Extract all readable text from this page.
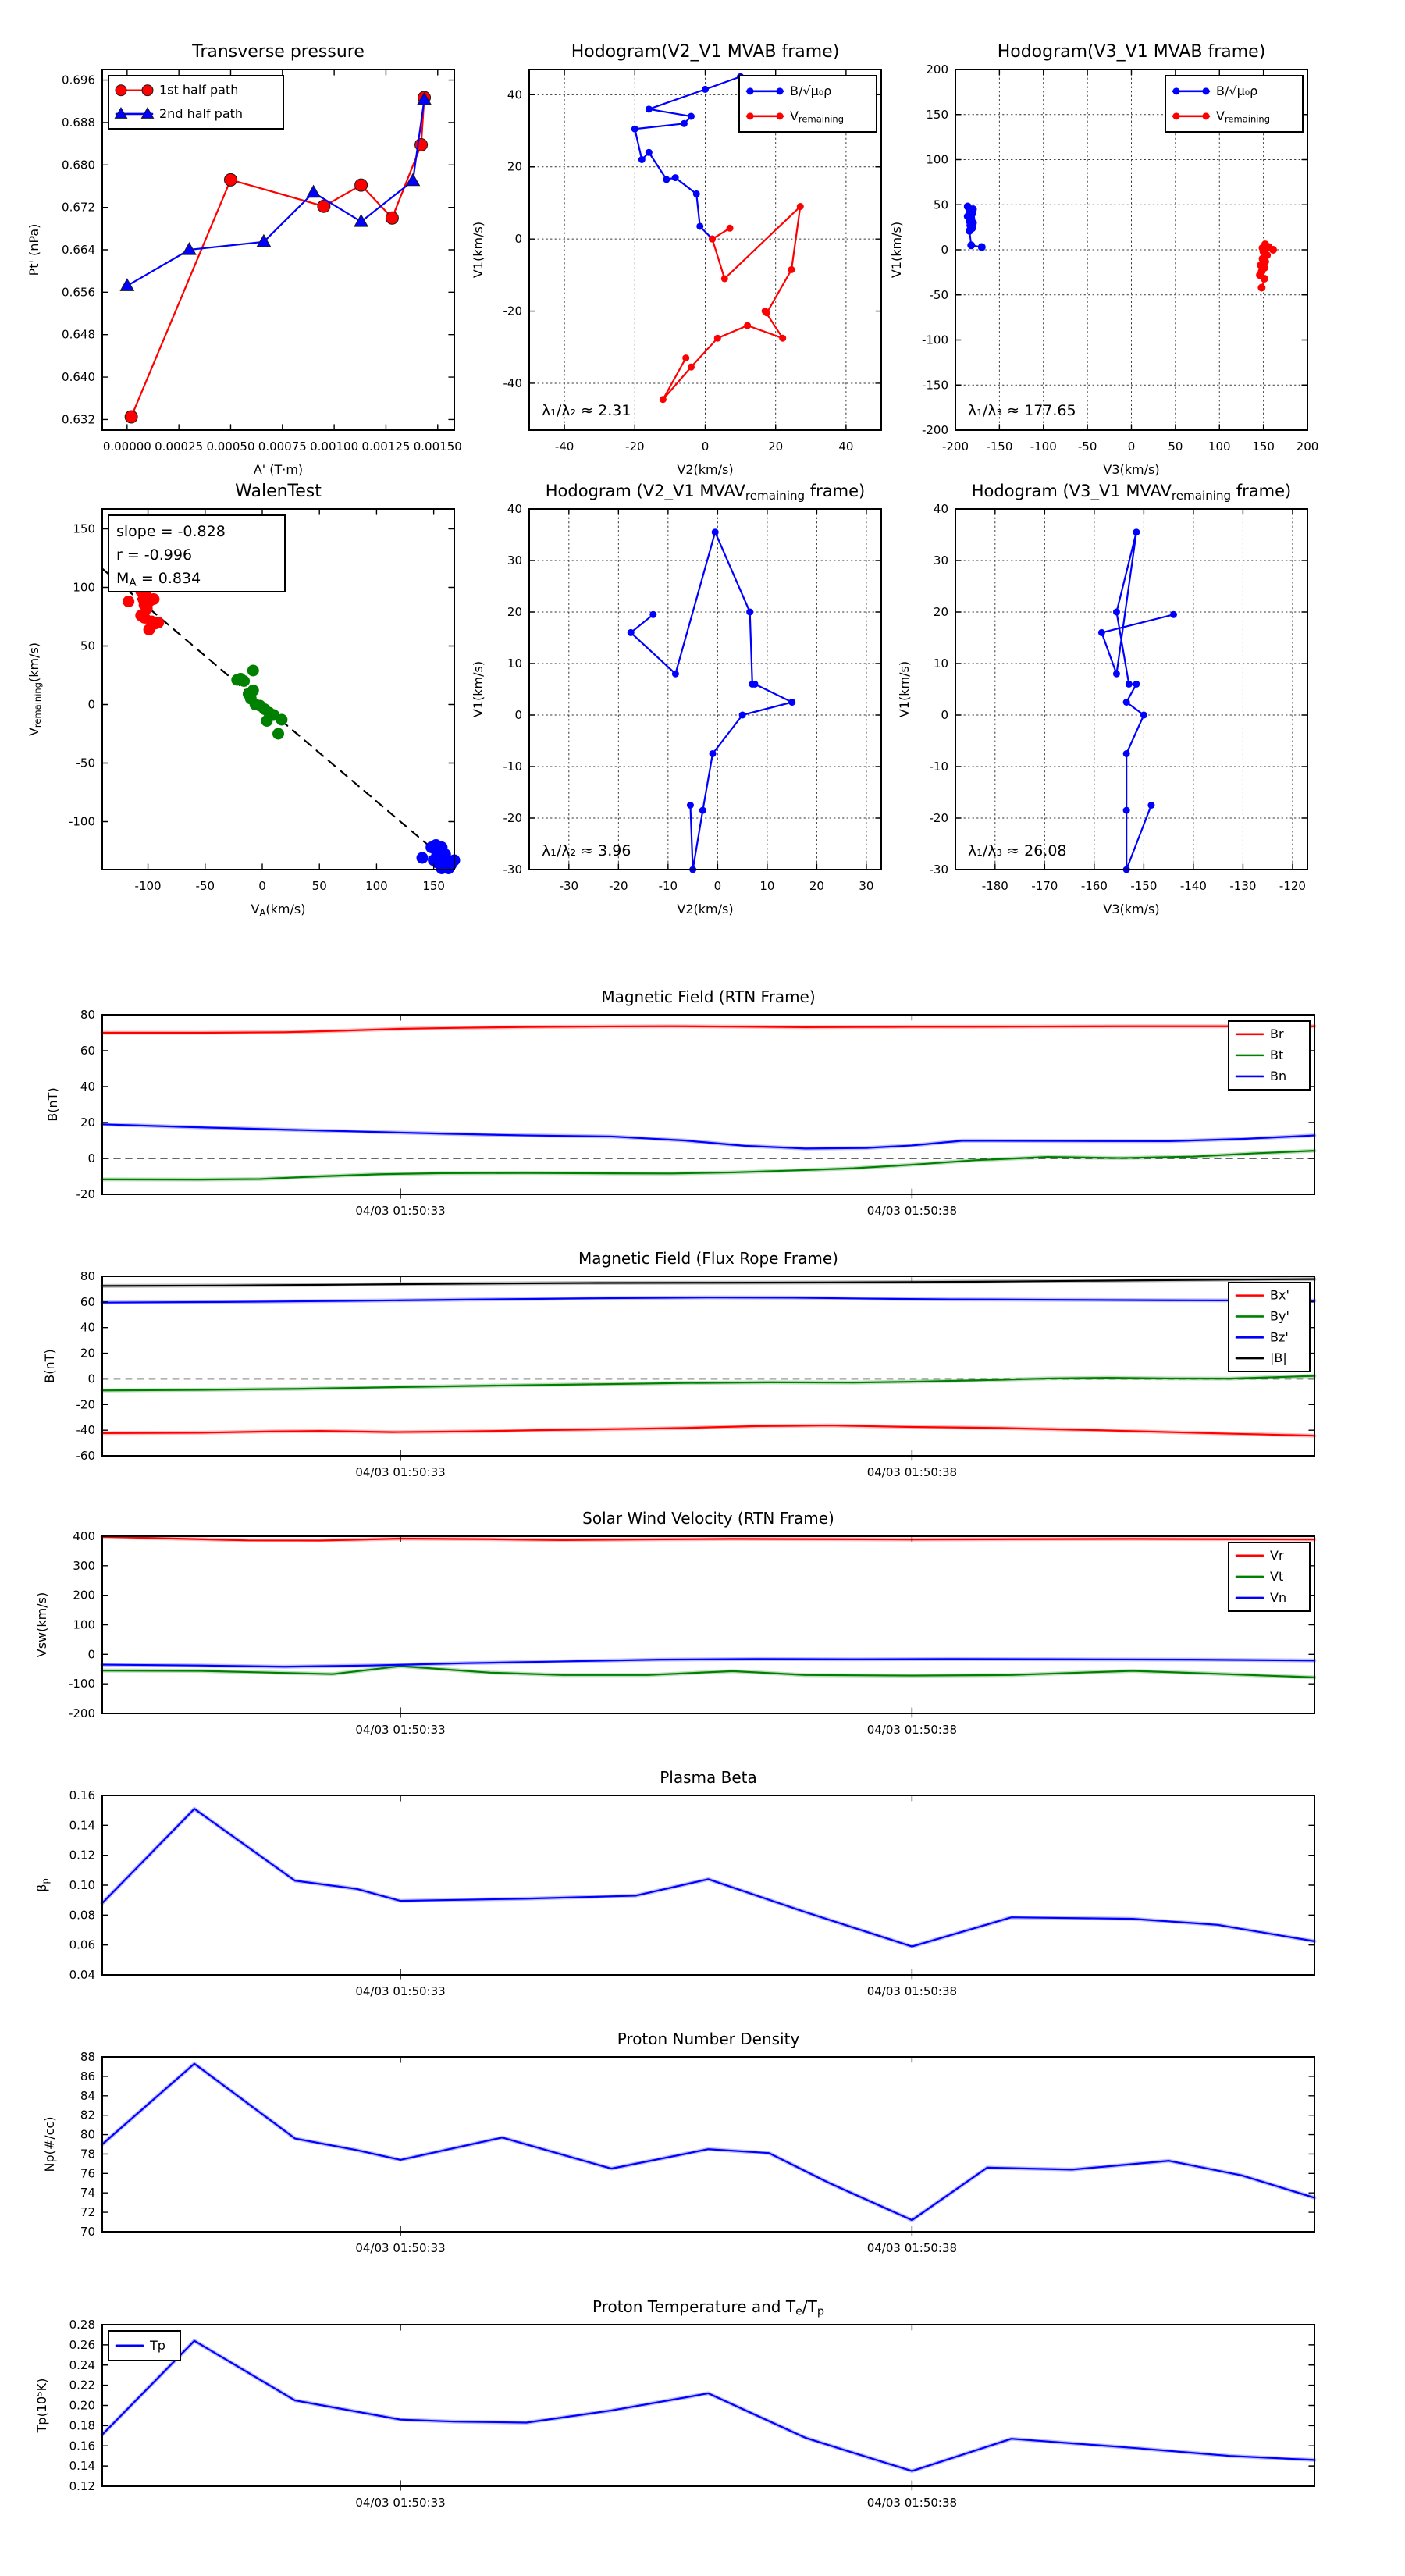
0.00000 0.00025 0.00050 0.00075 0.00100 0.00125 0.00150
0.632
0.640
0.648
0.656
0.664
0.672
0.680
0.688
0.696
Transverse pressure
A' (T·m)
Pt' (nPa)
1st half path
2nd half path
-40	-20	0	20	40
-40
-20
0
20
40
Hodogram(V2_V1 MVAB frame)
V2(km/s)
V1(km/s)
λ₁/λ₂ ≈ 2.31
B/√μ₀ρ
Vremaining
-200 -150 -100 -50	0	50 100 150 200
-200
-150
-100
-50
0
50
100
150
200
Hodogram(V3_V1 MVAB frame)
V3(km/s)
V1(km/s)
λ₁/λ₃ ≈ 177.65
B/√μ₀ρ
Vremaining
-100	-50	0	50	100	150
-100
-50
0
50
100
150
WalenTest
VA(km/s)
Vremaining(km/s)
slope = -0.828
r = -0.996
MA = 0.834
-30	-20	-10	0	10	20	30
-30
-20
-10
0
10
20
30
40
Hodogram (V2_V1 MVAVremaining frame)
V2(km/s)
V1(km/s)
λ₁/λ₂ ≈ 3.96
-180 -170 -160 -150 -140 -130 -120
-30
-20
-10
0
10
20
30
40
Hodogram (V3_V1 MVAVremaining frame)
V3(km/s)
V1(km/s)
λ₁/λ₃ ≈ 26.08
04/03 01:50:33	04/03 01:50:38
-20
0
20
40
60
80
Magnetic Field (RTN Frame)
B(nT)
Br
Bt
Bn
04/03 01:50:33	04/03 01:50:38
-60
-40
-20
0
20
40
60
80
Magnetic Field (Flux Rope Frame)
B(nT)
Bx'
By'
Bz'
|B|
04/03 01:50:33	04/03 01:50:38
-200
-100
0
100
200
300
400
Solar Wind Velocity (RTN Frame)
Vsw(km/s)
Vr
Vt
Vn
04/03 01:50:33	04/03 01:50:38
0.04
0.06
0.08
0.10
0.12
0.14
0.16
Plasma Beta
βp
04/03 01:50:33	04/03 01:50:38
70
72
74
76
78
80
82
84
86
88
Proton Number Density
Np(#/cc)
04/03 01:50:33	04/03 01:50:38
0.12
0.14
0.16
0.18
0.20
0.22
0.24
0.26
0.28
Proton Temperature and Te/Tp
Tp(10⁵K)
Tp
